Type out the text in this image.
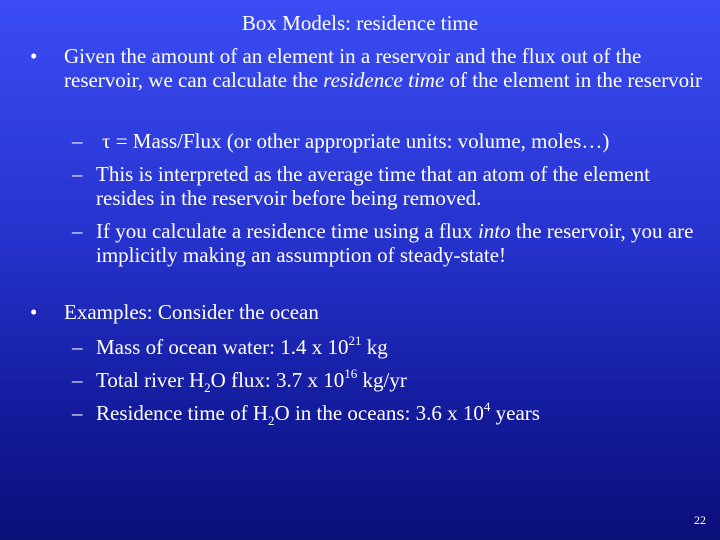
Box Models: residence time
• Given the amount of an element in a reservoir and the flux out of the reservoir, we can calculate the residence time of the element in the reservoir
– τ = Mass/Flux (or other appropriate units: volume, moles…)
– This is interpreted as the average time that an atom of the element resides in the reservoir before being removed.
– If you calculate a residence time using a flux into the reservoir, you are implicitly making an assumption of steady-state!
• Examples: Consider the ocean
– Mass of ocean water: 1.4 x $10^{21}$ kg
– Total river $H_2O$ flux: 3.7 x $10^{16}$ kg/yr
– Residence time of $H_2O$ in the oceans: 3.6 x $10^4$ years
22
